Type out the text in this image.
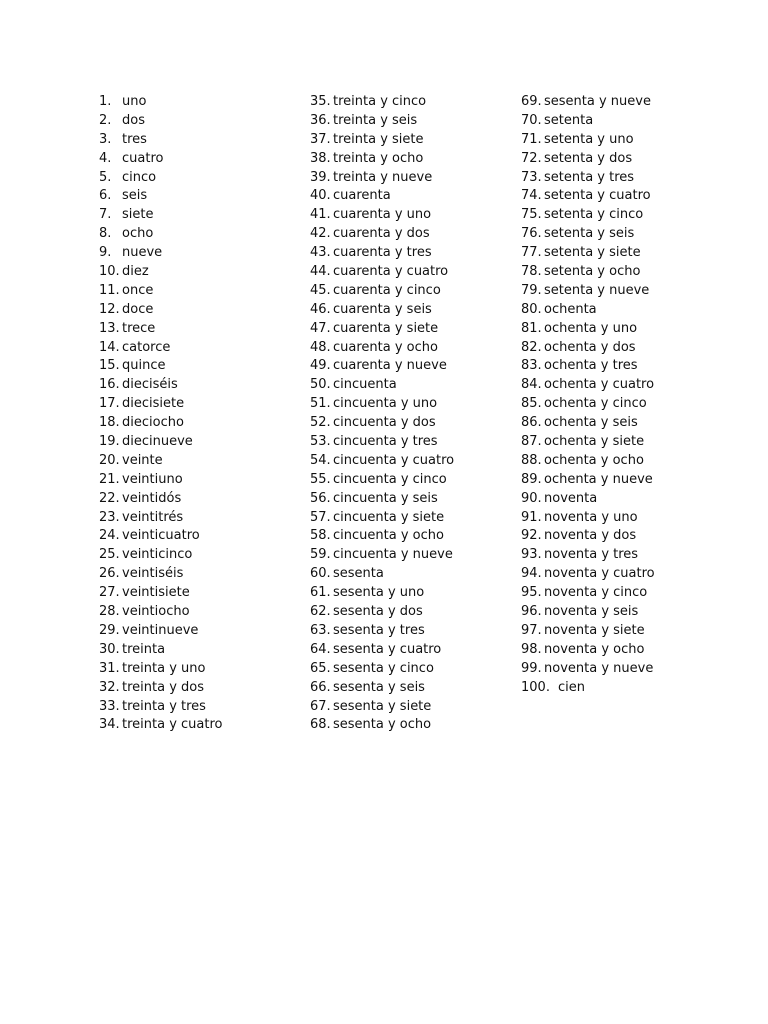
1. uno
2. dos
3. tres
4. cuatro
5. cinco
6. seis
7. siete
8. ocho
9. nueve
10. diez
11. once
12. doce
13. trece
14. catorce
15. quince
16. dieciséis
17. diecisiete
18. dieciocho
19. diecinueve
20. veinte
21. veintiuno
22. veintidós
23. veintitrés
24. veinticuatro
25. veinticinco
26. veintiséis
27. veintisiete
28. veintiocho
29. veintinueve
30. treinta
31. treinta y uno
32. treinta y dos
33. treinta y tres
34. treinta y cuatro
35. treinta y cinco
36. treinta y seis
37. treinta y siete
38. treinta y ocho
39. treinta y nueve
40. cuarenta
41. cuarenta y uno
42. cuarenta y dos
43. cuarenta y tres
44. cuarenta y cuatro
45. cuarenta y cinco
46. cuarenta y seis
47. cuarenta y siete
48. cuarenta y ocho
49. cuarenta y nueve
50. cincuenta
51. cincuenta y uno
52. cincuenta y dos
53. cincuenta y tres
54. cincuenta y cuatro
55. cincuenta y cinco
56. cincuenta y seis
57. cincuenta y siete
58. cincuenta y ocho
59. cincuenta y nueve
60. sesenta
61. sesenta y uno
62. sesenta y dos
63. sesenta y tres
64. sesenta y cuatro
65. sesenta y cinco
66. sesenta y seis
67. sesenta y siete
68. sesenta y ocho
69. sesenta y nueve
70. setenta
71. setenta y uno
72. setenta y dos
73. setenta y tres
74. setenta y cuatro
75. setenta y cinco
76. setenta y seis
77. setenta y siete
78. setenta y ocho
79. setenta y nueve
80. ochenta
81. ochenta y uno
82. ochenta y dos
83. ochenta y tres
84. ochenta y cuatro
85. ochenta y cinco
86. ochenta y seis
87. ochenta y siete
88. ochenta y ocho
89. ochenta y nueve
90. noventa
91. noventa y uno
92. noventa y dos
93. noventa y tres
94. noventa y cuatro
95. noventa y cinco
96. noventa y seis
97. noventa y siete
98. noventa y ocho
99. noventa y nueve
100. cien
